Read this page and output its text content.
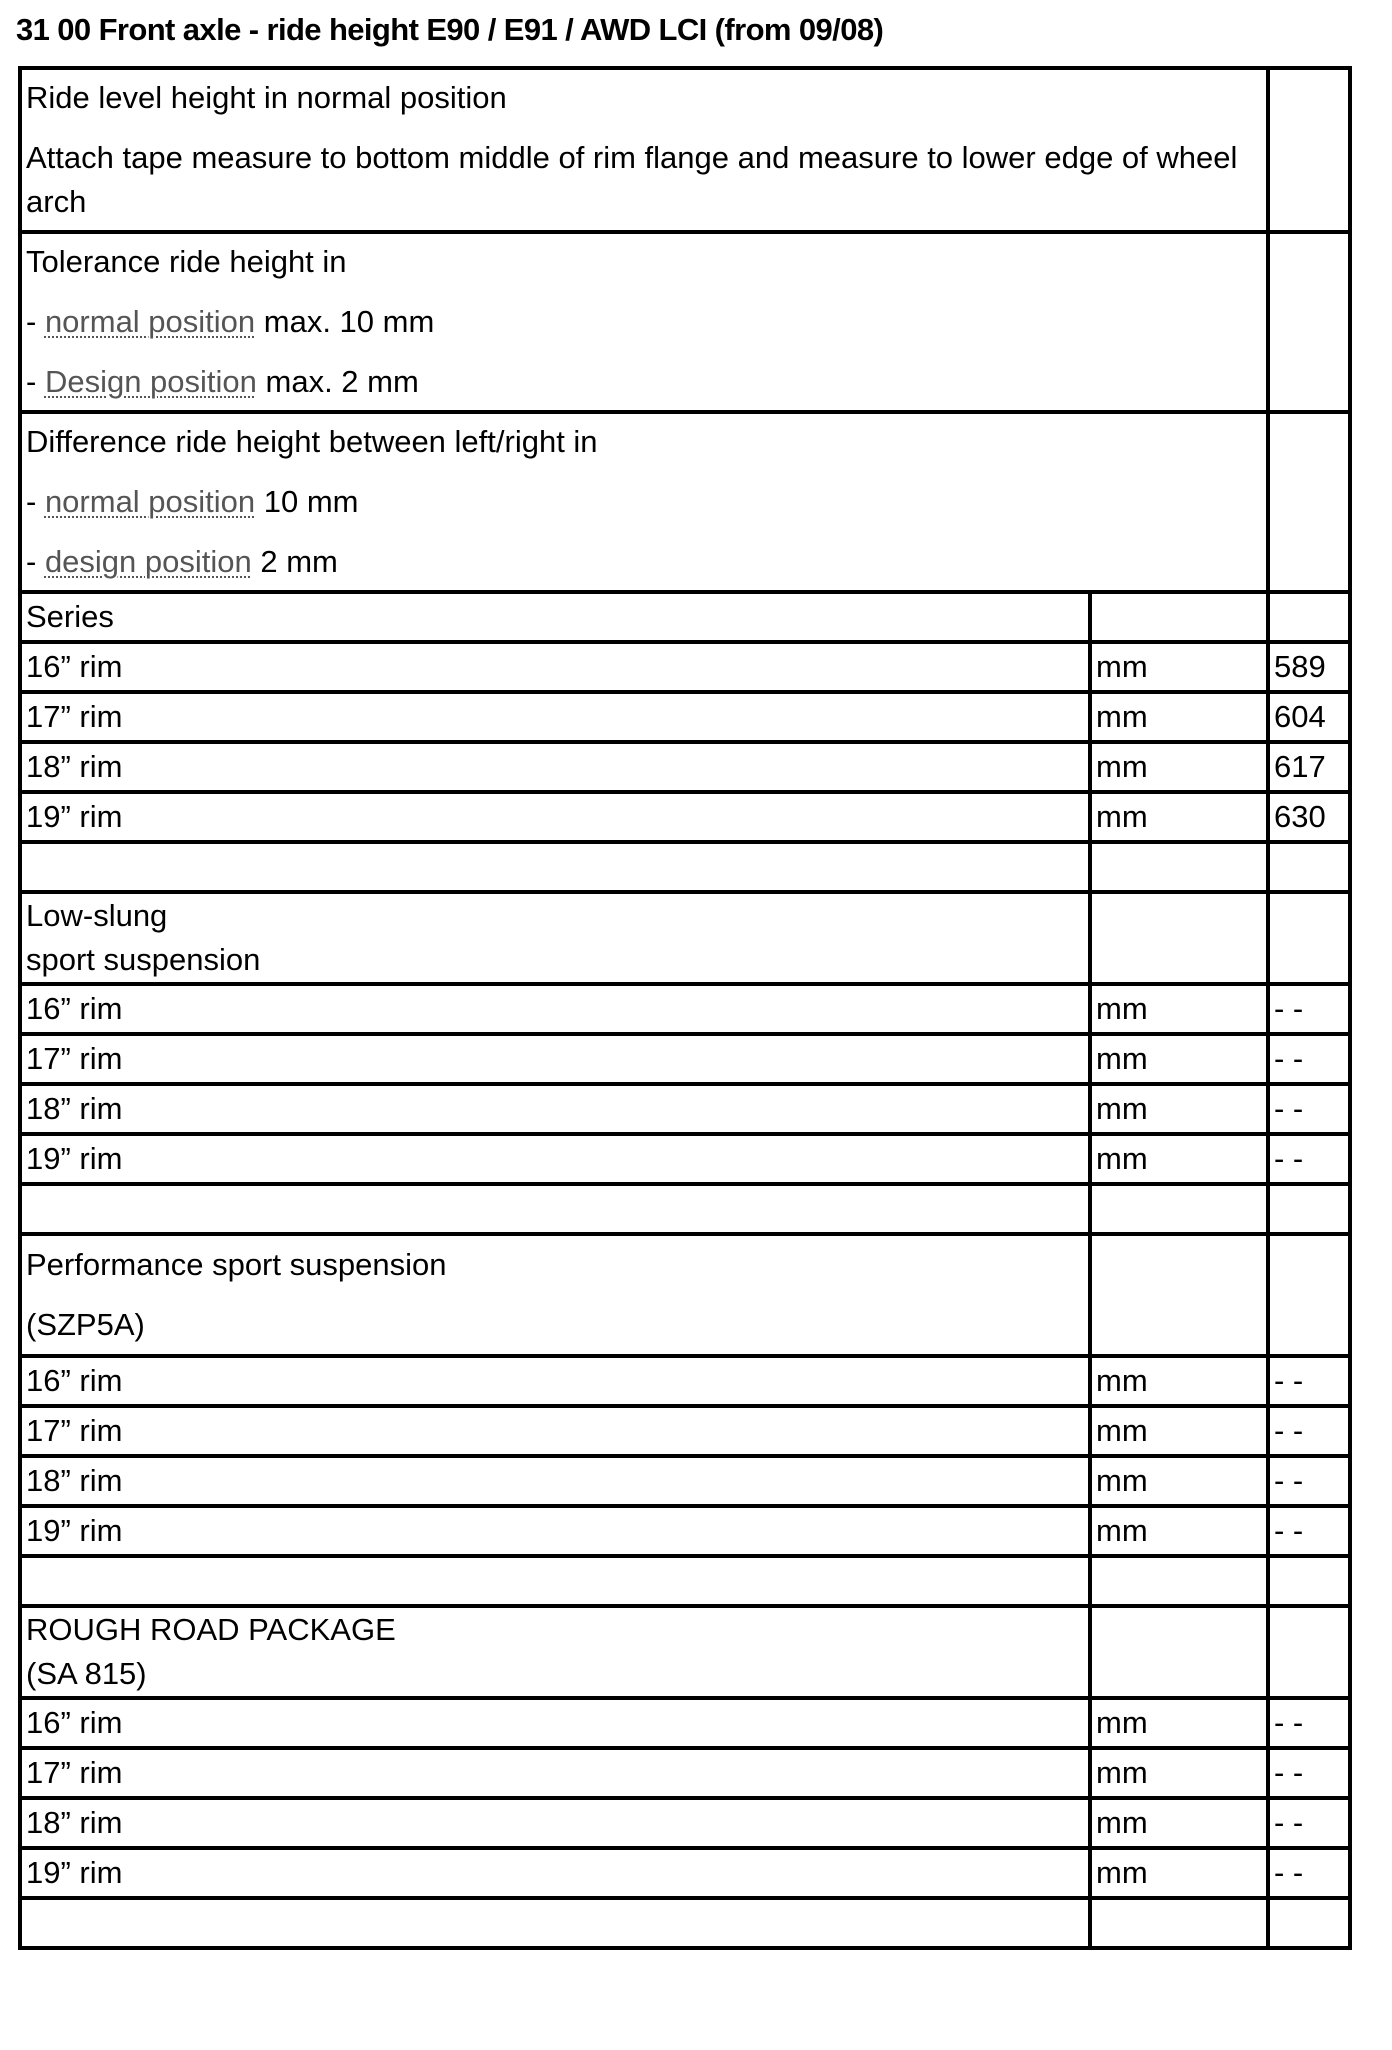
31 00 Front axle - ride height E90 / E91 / AWD LCI (from 09/08)
Ride level height in normal position
Attach tape measure to bottom middle of rim flange and measure to lower edge of wheel arch		

Tolerance ride height in
- normal position max. 10 mm
- Design position max. 2 mm		

Difference ride height between left/right in
- normal position 10 mm
- design position 2 mm		

Series		

16” rim	mm	589
17” rim	mm	604
18” rim	mm	617
19” rim	mm	630

Low-slung
sport suspension		

16” rim	mm	- -
17” rim	mm	- -
18” rim	mm	- -
19” rim	mm	- -

Performance sport suspension
(SZP5A)		

16” rim	mm	- -
17” rim	mm	- -
18” rim	mm	- -
19” rim	mm	- -

ROUGH ROAD PACKAGE
(SA 815)		

16” rim	mm	- -
17” rim	mm	- -
18” rim	mm	- -
19” rim	mm	- -
